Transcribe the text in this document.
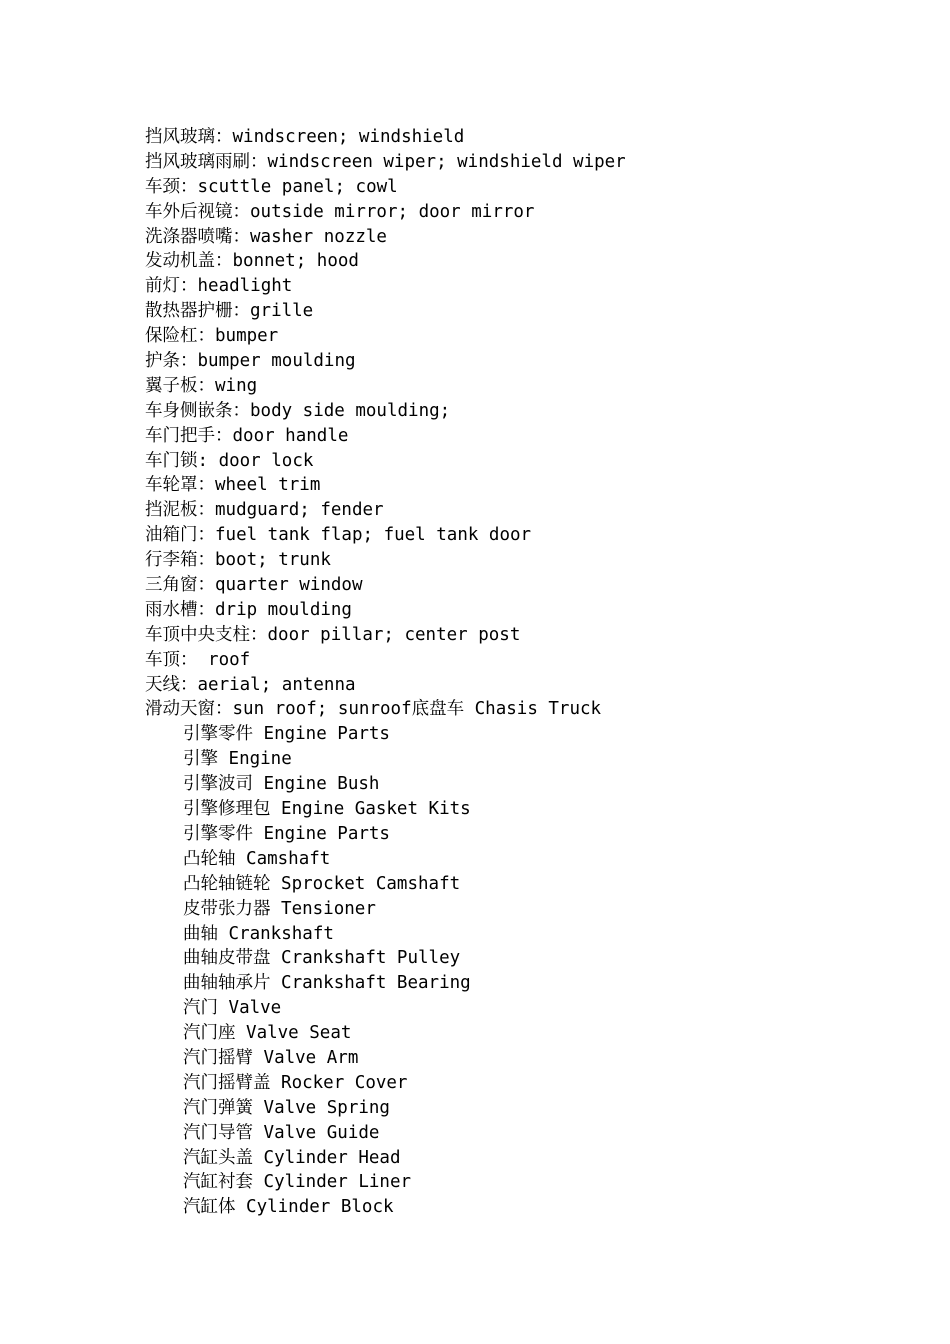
挡风玻璃：windscreen; windshield
挡风玻璃雨刷：windscreen wiper; windshield wiper
车颈：scuttle panel; cowl
车外后视镜：outside mirror; door mirror
洗涤器喷嘴：washer nozzle
发动机盖：bonnet; hood
前灯：headlight
散热器护栅：grille
保险杠：bumper
护条：bumper moulding
翼子板：wing
车身侧嵌条：body side moulding;
车门把手：door handle
车门锁: door lock
车轮罩：wheel trim
挡泥板：mudguard; fender
油箱门：fuel tank flap; fuel tank door
行李箱：boot; trunk
三角窗：quarter window
雨水槽：drip moulding
车顶中央支柱：door pillar; center post
车顶： roof
天线：aerial; antenna
滑动天窗：sun roof; sunroof底盘车 Chasis Truck
引擎零件 Engine Parts
引擎 Engine
引擎波司 Engine Bush
引擎修理包 Engine Gasket Kits
引擎零件 Engine Parts
凸轮轴 Camshaft
凸轮轴链轮 Sprocket Camshaft
皮带张力器 Tensioner
曲轴 Crankshaft
曲轴皮带盘 Crankshaft Pulley
曲轴轴承片 Crankshaft Bearing
汽门 Valve
汽门座 Valve Seat
汽门摇臂 Valve Arm
汽门摇臂盖 Rocker Cover
汽门弹簧 Valve Spring
汽门导管 Valve Guide
汽缸头盖 Cylinder Head
汽缸衬套 Cylinder Liner
汽缸体 Cylinder Block
